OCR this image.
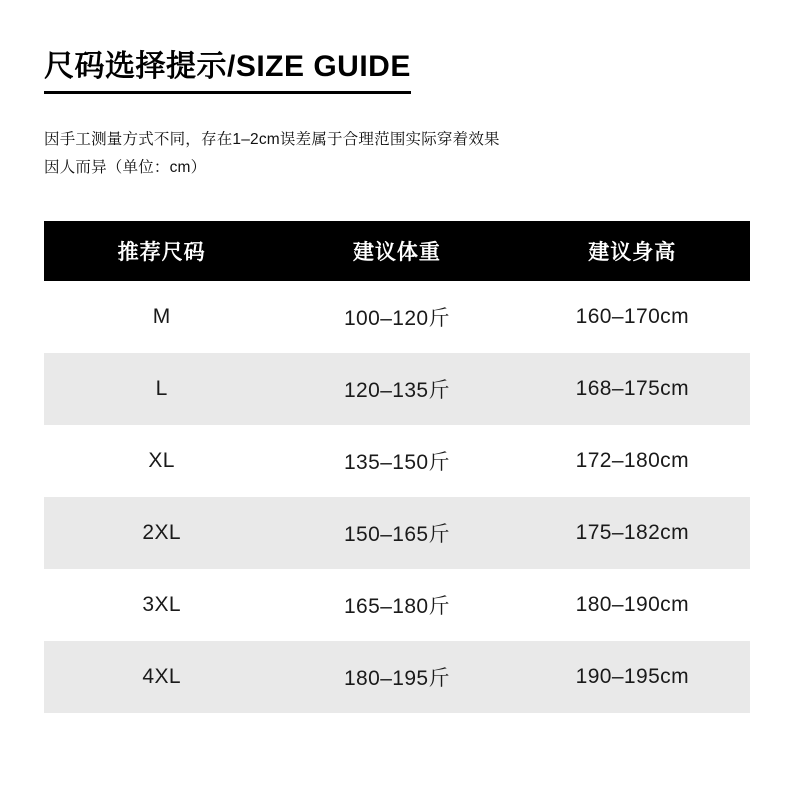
尺码选择提示/SIZE GUIDE
因手工测量方式不同，存在1–2cm误差属于合理范围实际穿着效果
因人而异（单位：cm）
推荐尺码	建议体重	建议身高
M	100–120斤	160–170cm
L	120–135斤	168–175cm
XL	135–150斤	172–180cm
2XL	150–165斤	175–182cm
3XL	165–180斤	180–190cm
4XL	180–195斤	190–195cm
